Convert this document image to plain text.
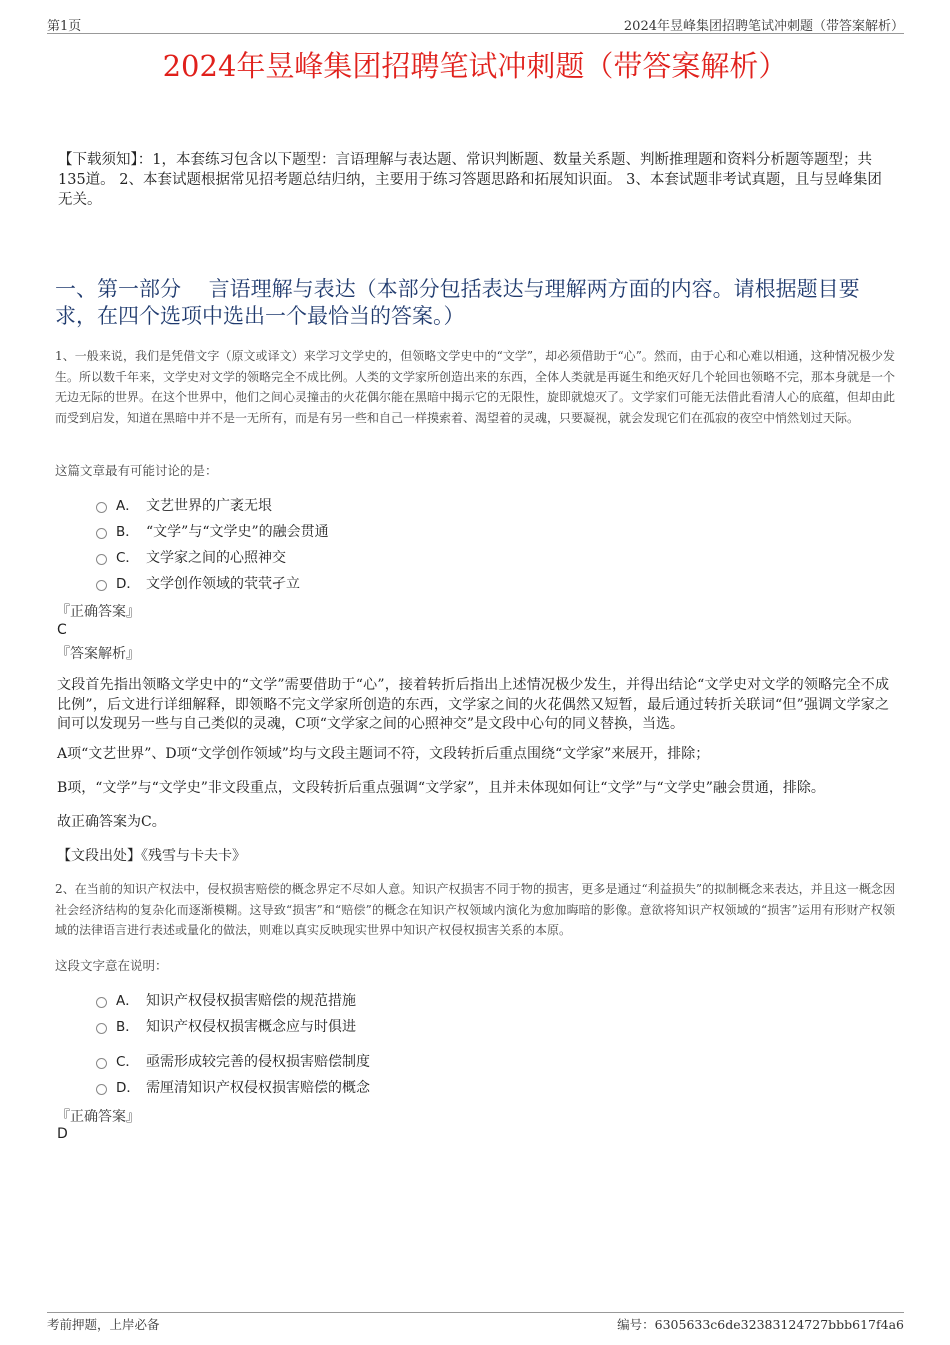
第1页	2024年昱峰集团招聘笔试冲刺题（带答案解析）
2024年昱峰集团招聘笔试冲刺题（带答案解析）
【下载须知】：1，本套练习包含以下题型：言语理解与表达题、常识判断题、数量关系题、判断推理题和资料分析题等题型；共135道。 2、本套试题根据常见招考题总结归纳，主要用于练习答题思路和拓展知识面。 3、本套试题非考试真题，且与昱峰集团无关。
一、第一部分　 言语理解与表达（本部分包括表达与理解两方面的内容。请根据题目要求，在四个选项中选出一个最恰当的答案。）
1、一般来说，我们是凭借文字（原文或译文）来学习文学史的，但领略文学史中的“文学”，却必须借助于“心”。然而，由于心和心难以相通，这种情况极少发生。所以数千年来，文学史对文学的领略完全不成比例。人类的文学家所创造出来的东西，全体人类就是再诞生和绝灭好几个轮回也领略不完，那本身就是一个无边无际的世界。在这个世界中，他们之间心灵撞击的火花偶尔能在黑暗中揭示它的无限性，旋即就熄灭了。文学家们可能无法借此看清人心的底蕴，但却由此而受到启发，知道在黑暗中并不是一无所有，而是有另一些和自己一样摸索着、渴望着的灵魂，只要凝视，就会发现它们在孤寂的夜空中悄然划过天际。
这篇文章最有可能讨论的是：
A． 文艺世界的广袤无垠
B． “文学”与“文学史”的融会贯通
C． 文学家之间的心照神交
D． 文学创作领域的茕茕孑立
『正确答案』
C
『答案解析』
文段首先指出领略文学史中的“文学”需要借助于“心”，接着转折后指出上述情况极少发生，并得出结论“文学史对文学的领略完全不成比例”，后文进行详细解释，即领略不完文学家所创造的东西，文学家之间的火花偶然又短暂，最后通过转折关联词“但”强调文学家之间可以发现另一些与自己类似的灵魂，C项“文学家之间的心照神交”是文段中心句的同义替换，当选。
A项“文艺世界”、D项“文学创作领域”均与文段主题词不符，文段转折后重点围绕“文学家”来展开，排除；
B项，“文学”与“文学史”非文段重点，文段转折后重点强调“文学家”，且并未体现如何让“文学”与“文学史”融会贯通，排除。
故正确答案为C。
【文段出处】《残雪与卡夫卡》
2、在当前的知识产权法中，侵权损害赔偿的概念界定不尽如人意。知识产权损害不同于物的损害，更多是通过“利益损失”的拟制概念来表达，并且这一概念因社会经济结构的复杂化而逐渐模糊。这导致“损害”和“赔偿”的概念在知识产权领域内演化为愈加晦暗的影像。意欲将知识产权领域的“损害”运用有形财产权领域的法律语言进行表述或量化的做法，则难以真实反映现实世界中知识产权侵权损害关系的本原。
这段文字意在说明：
A． 知识产权侵权损害赔偿的规范措施
B． 知识产权侵权损害概念应与时俱进
C． 亟需形成较完善的侵权损害赔偿制度
D． 需厘清知识产权侵权损害赔偿的概念
『正确答案』
D
考前押题，上岸必备	编号：6305633c6de32383124727bbb617f4a6
